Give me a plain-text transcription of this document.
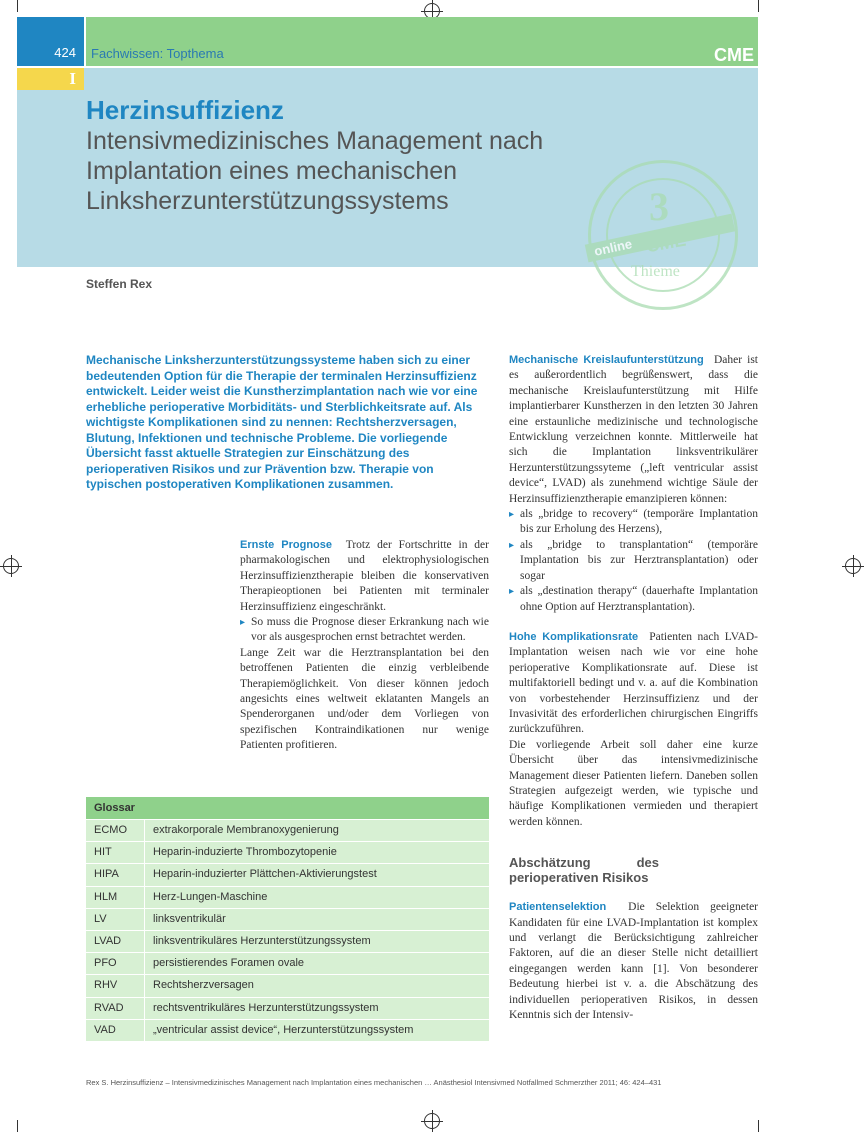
424	Fachwissen: Topthema	CME
I
Herzinsuffizienz
Intensivmedizinisches Management nach Implantation eines mechanischen Linksherzunterstützungssystems	3
online CME
Thieme
Steffen Rex
Mechanische Linksherzunterstützungssysteme haben sich zu einer bedeutenden Option für die Therapie der terminalen Herzinsuffizienz entwickelt. Leider weist die Kunstherzimplantation nach wie vor eine erhebliche perioperative Morbiditäts- und Sterblichkeitsrate auf. Als wichtigste Komplikationen sind zu nennen: Rechtsherzversagen, Blutung, Infektionen und technische Probleme. Die vorliegende Übersicht fasst aktuelle Strategien zur Einschätzung des perioperativen Risikos und zur Prävention bzw. Therapie von typischen postoperativen Komplikationen zusammen.

Ernste Prognose Trotz der Fortschritte in der pharmakologischen und elektrophysiologischen Herzinsuffizienztherapie bleiben die konservativen Therapieoptionen bei Patienten mit terminaler Herzinsuffizienz eingeschränkt.

▸ So muss die Prognose dieser Erkrankung nach wie vor als ausgesprochen ernst betrachtet werden.

Lange Zeit war die Herztransplantation bei den betroffenen Patienten die einzig verbleibende Therapiemöglichkeit. Von dieser können jedoch angesichts eines weltweit eklatanten Mangels an Spenderorganen und/oder dem Vorliegen von spezifischen Kontraindikationen nur wenige Patienten profitieren.

Mechanische Kreislaufunterstützung Daher ist es außerordentlich begrüßenswert, dass die mechanische Kreislaufunterstützung mit Hilfe implantierbarer Kunstherzen in den letzten 30 Jahren eine erstaunliche medizinische und technologische Entwicklung verzeichnen konnte. Mittlerweile hat sich die Implantation linksventrikulärer Herzunterstützungssyteme („left ventricular assist device“, LVAD) als zunehmend wichtige Säule der Herzinsuffizienztherapie emanzipieren können:

▸ als „bridge to recovery“ (temporäre Implantation bis zur Erholung des Herzens),
▸ als „bridge to transplantation“ (temporäre Implantation bis zur Herztransplantation) oder sogar
▸ als „destination therapy“ (dauerhafte Implantation ohne Option auf Herztransplantation).

Hohe Komplikationsrate Patienten nach LVAD-Implantation weisen nach wie vor eine hohe perioperative Komplikationsrate auf. Diese ist multifaktoriell bedingt und v. a. auf die Kombination von vorbestehender Herzinsuffizienz und der Invasivität des erforderlichen chirurgischen Eingriffs zurückzuführen.

Die vorliegende Arbeit soll daher eine kurze Übersicht über das intensivmedizinische Management dieser Patienten liefern. Daneben sollen Strategien aufgezeigt werden, wie typische und häufige Komplikationen vermieden und therapiert werden können.

Abschätzung des perioperativen Risikos

Patientenselektion Die Selektion geeigneter Kandidaten für eine LVAD-Implantation ist komplex und verlangt die Berücksichtigung zahlreicher Faktoren, auf die an dieser Stelle nicht detailliert eingegangen werden kann [1]. Von besonderer Bedeutung hierbei ist v. a. die Abschätzung des individuellen perioperativen Risikos, in dessen Kenntnis sich der Intensiv-

Glossar
ECMO	extrakorporale Membranoxygenierung
HIT	Heparin-induzierte Thrombozytopenie
HIPA	Heparin-induzierter Plättchen-Aktivierungstest
HLM	Herz-Lungen-Maschine
LV	linksventrikulär
LVAD	linksventrikuläres Herzunterstützungssystem
PFO	persistierendes Foramen ovale
RHV	Rechtsherzversagen
RVAD	rechtsventrikuläres Herzunterstützungssystem
VAD	„ventricular assist device“, Herzunterstützungssystem
Rex S. Herzinsuffizienz – Intensivmedizinisches Management nach Implantation eines mechanischen … Anästhesiol Intensivmed Notfallmed Schmerzther 2011; 46: 424–431
